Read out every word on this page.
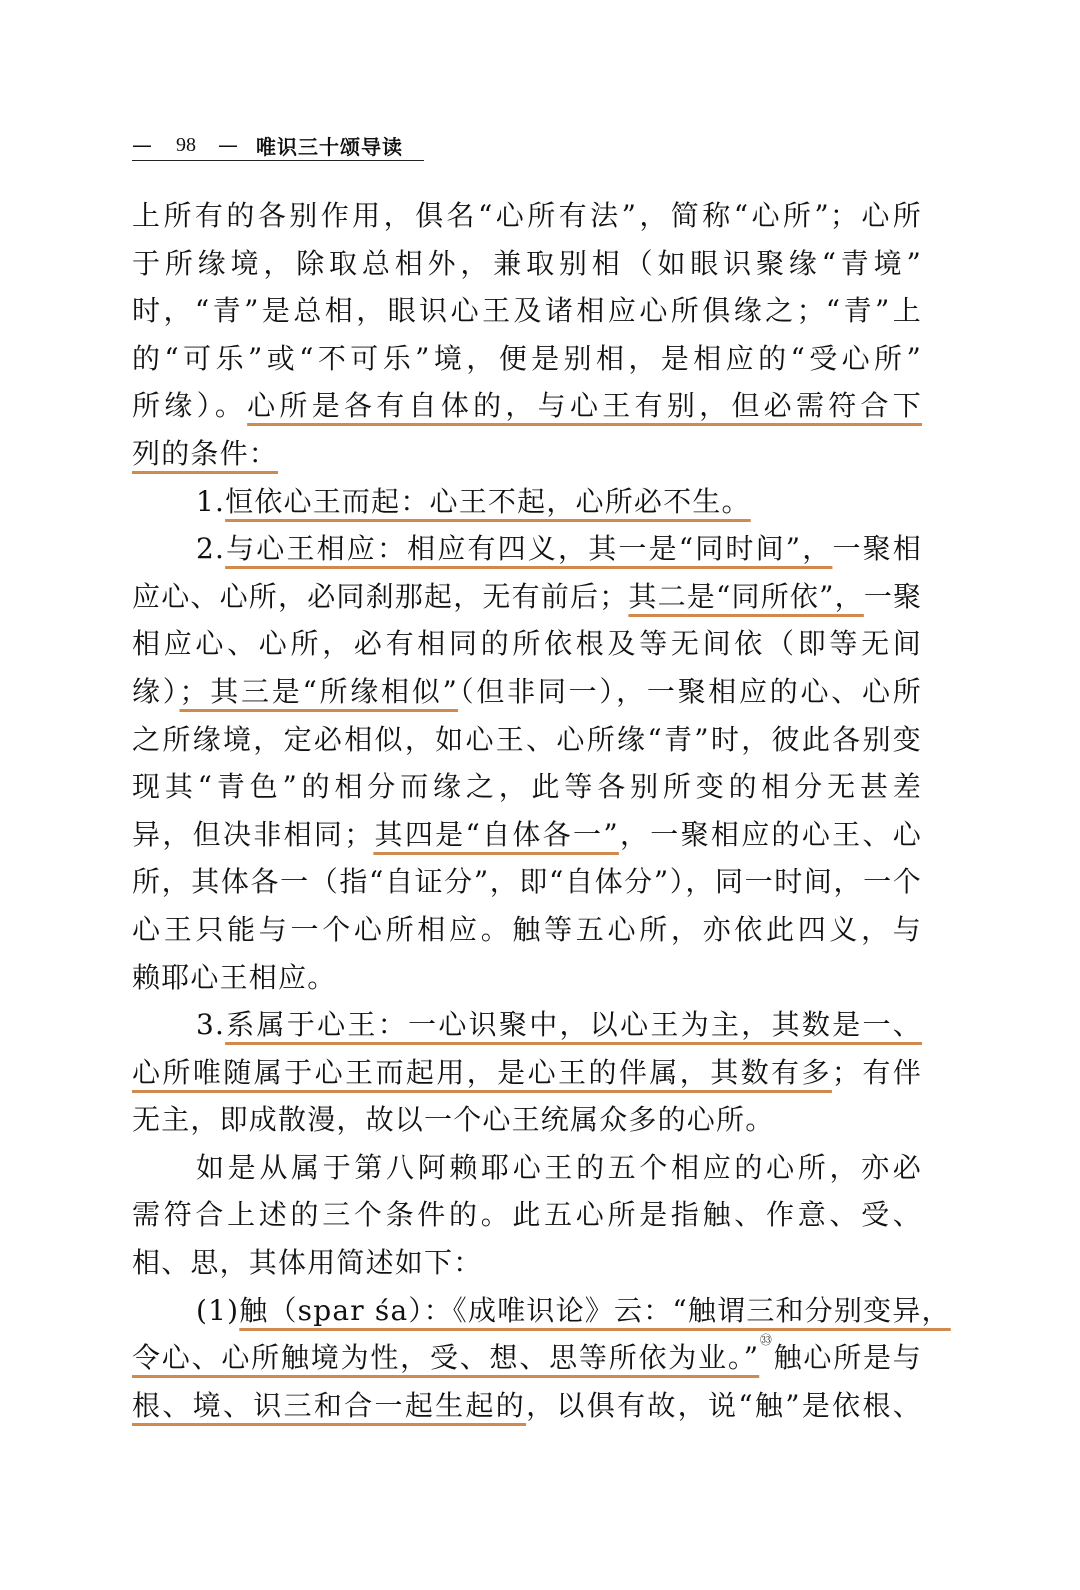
— 98 — 唯识三十颂导读
上所有的各别作用，俱名“心所有法”，简称“心所”；心所
于所缘境，除取总相外，兼取别相（如眼识聚缘“青境”
时，“青”是总相，眼识心王及诸相应心所俱缘之；“青”上
的“可乐”或“不可乐”境，便是别相，是相应的“受心所”
所缘）。心所是各有自体的，与心王有别，但必需符合下
列的条件：
1.恒依心王而起：心王不起，心所必不生。
2.与心王相应：相应有四义，其一是“同时间”，一聚相
应心、心所，必同刹那起，无有前后；其二是“同所依”，一聚
相应心、心所，必有相同的所依根及等无间依（即等无间
缘）；其三是“所缘相似”（但非同一），一聚相应的心、心所
之所缘境，定必相似，如心王、心所缘“青”时，彼此各别变
现其“青色”的相分而缘之，此等各别所变的相分无甚差
异，但决非相同；其四是“自体各一”，一聚相应的心王、心
所，其体各一（指“自证分”，即“自体分”），同一时间，一个
心王只能与一个心所相应。触等五心所，亦依此四义，与
赖耶心王相应。
3.系属于心王：一心识聚中，以心王为主，其数是一、
心所唯随属于心王而起用，是心王的伴属，其数有多；有伴
无主，即成散漫，故以一个心王统属众多的心所。
如是从属于第八阿赖耶心王的五个相应的心所，亦必
需符合上述的三个条件的。此五心所是指触、作意、受、
相、思，其体用简述如下：
(1)触（spar śa）：《成唯识论》云：“触谓三和分别变异，
令心、心所触境为性，受、想、思等所依为业。”$^㉝$触心所是与
根、境、识三和合一起生起的，以俱有故，说“触”是依根、
